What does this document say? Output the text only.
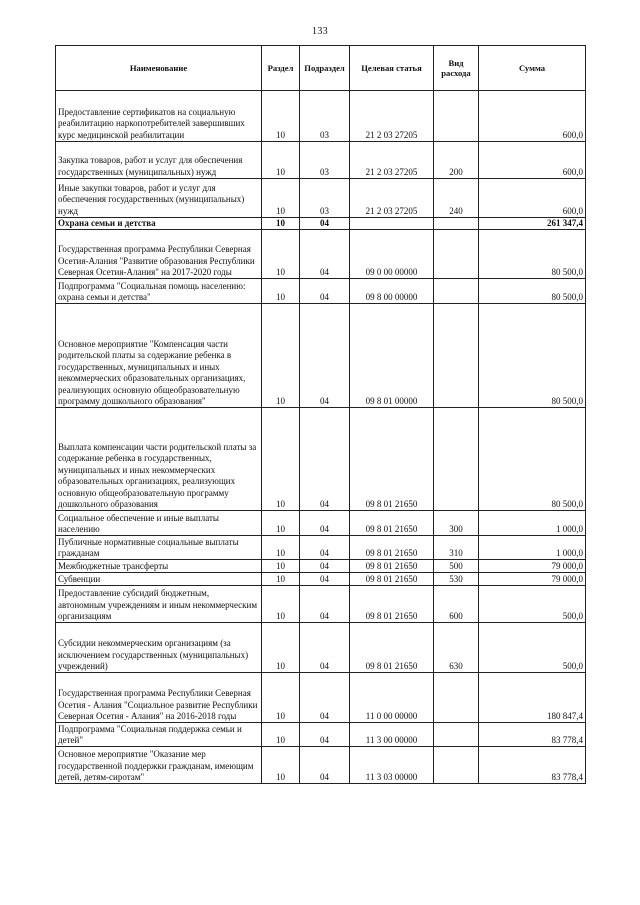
133
Наименование	Раздел	Подраздел	Целевая статья	Вид расхода	Сумма
Предоставление сертификатов на социальную реабилитацию наркопотребителей завершивших курс медицинской реабилитации	10	03	21 2 03 27205		600,0
Закупка товаров, работ и услуг для обеспечения государственных (муниципальных) нужд	10	03	21 2 03 27205	200	600,0
Иные закупки товаров, работ и услуг для обеспечения государственных (муниципальных) нужд	10	03	21 2 03 27205	240	600,0
Охрана семьи и детства	10	04			261 347,4
Государственная программа Республики Северная Осетия-Алания "Развитие образования Республики Северная Осетия-Алания" на 2017-2020 годы	10	04	09 0 00 00000		80 500,0
Подпрограмма "Социальная помощь населению: охрана семьи и детства"	10	04	09 8 00 00000		80 500,0
Основное мероприятие "Компенсация части родительской платы за содержание ребенка в государственных, муниципальных и иных некоммерческих образовательных организациях, реализующих основную общеобразовательную программу дошкольного образования"	10	04	09 8 01 00000		80 500,0
Выплата компенсации части родительской платы за содержание ребенка в государственных, муниципальных и иных некоммерческих образовательных организациях, реализующих основную общеобразовательную программу дошкольного образования	10	04	09 8 01 21650		80 500,0
Социальное обеспечение и иные выплаты населению	10	04	09 8 01 21650	300	1 000,0
Публичные нормативные социальные выплаты гражданам	10	04	09 8 01 21650	310	1 000,0
Межбюджетные трансферты	10	04	09 8 01 21650	500	79 000,0
Субвенции	10	04	09 8 01 21650	530	79 000,0
Предоставление субсидий бюджетным, автономным учреждениям и иным некоммерческим организациям	10	04	09 8 01 21650	600	500,0
Субсидии некоммерческим организациям (за исключением государственных (муниципальных) учреждений)	10	04	09 8 01 21650	630	500,0
Государственная программа Республики Северная Осетия - Алания "Социальное развитие Республики Северная Осетия - Алания" на 2016-2018 годы	10	04	11 0 00 00000		180 847,4
Подпрограмма "Социальная поддержка семьи и детей"	10	04	11 3 00 00000		83 778,4
Основное мероприятие "Оказание мер государственной поддержки гражданам, имеющим детей, детям-сиротам"	10	04	11 3 03 00000		83 778,4
